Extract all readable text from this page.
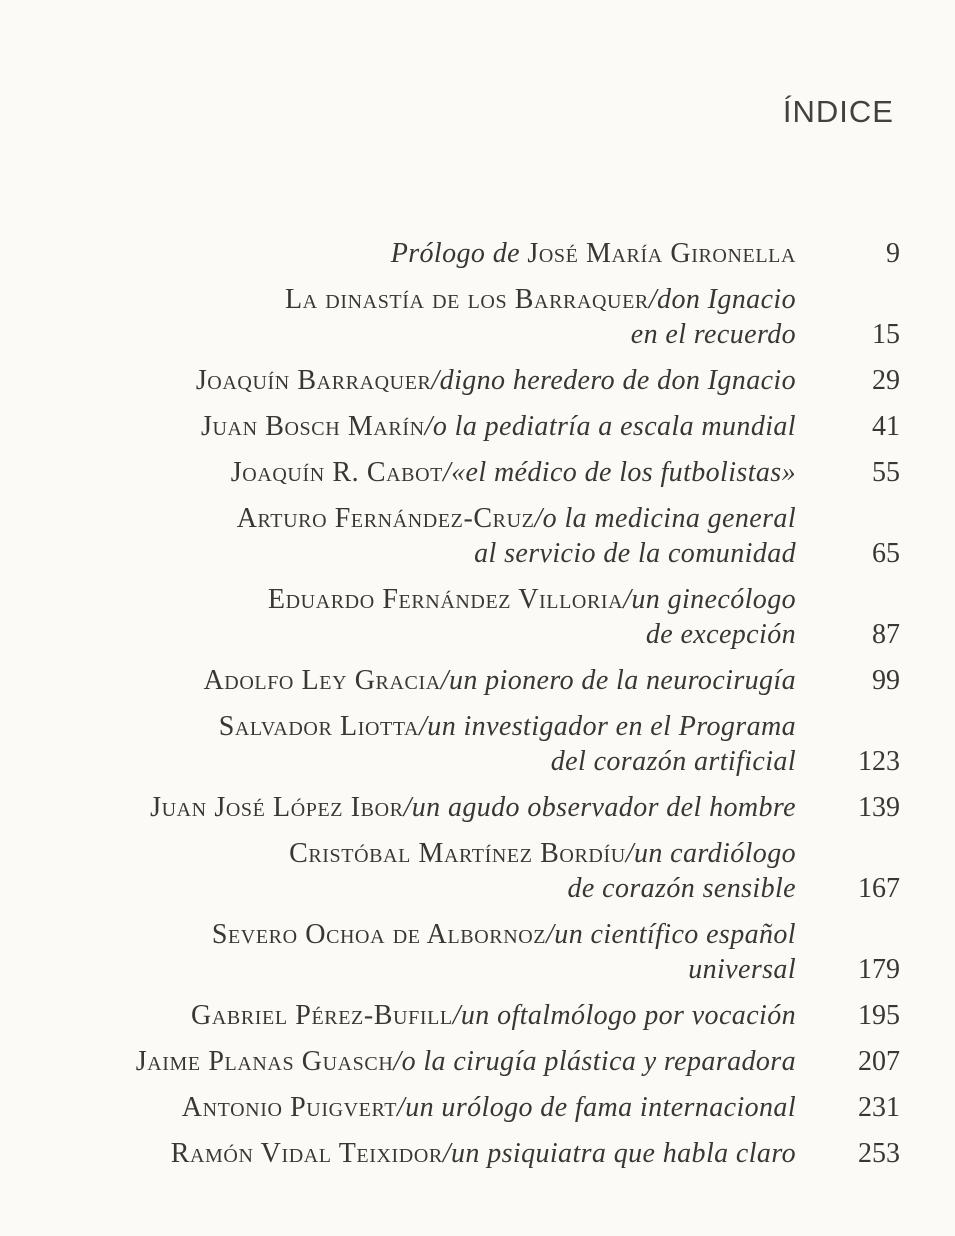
ÍNDICE
Prólogo de José María Gironella	9
La dinastía de los Barraquer/don Ignacio
en el recuerdo	15
Joaquín Barraquer/digno heredero de don Ignacio	29
Juan Bosch Marín/o la pediatría a escala mundial	41
Joaquín R. Cabot/«el médico de los futbolistas»	55
Arturo Fernández-Cruz/o la medicina general
al servicio de la comunidad	65
Eduardo Fernández Villoria/un ginecólogo
de excepción	87
Adolfo Ley Gracia/un pionero de la neurocirugía	99
Salvador Liotta/un investigador en el Programa
del corazón artificial	123
Juan José López Ibor/un agudo observador del hombre	139
Cristóbal Martínez Bordíu/un cardiólogo
de corazón sensible	167
Severo Ochoa de Albornoz/un científico español
universal	179
Gabriel Pérez-Bufill/un oftalmólogo por vocación	195
Jaime Planas Guasch/o la cirugía plástica y reparadora	207
Antonio Puigvert/un urólogo de fama internacional	231
Ramón Vidal Teixidor/un psiquiatra que habla claro	253
